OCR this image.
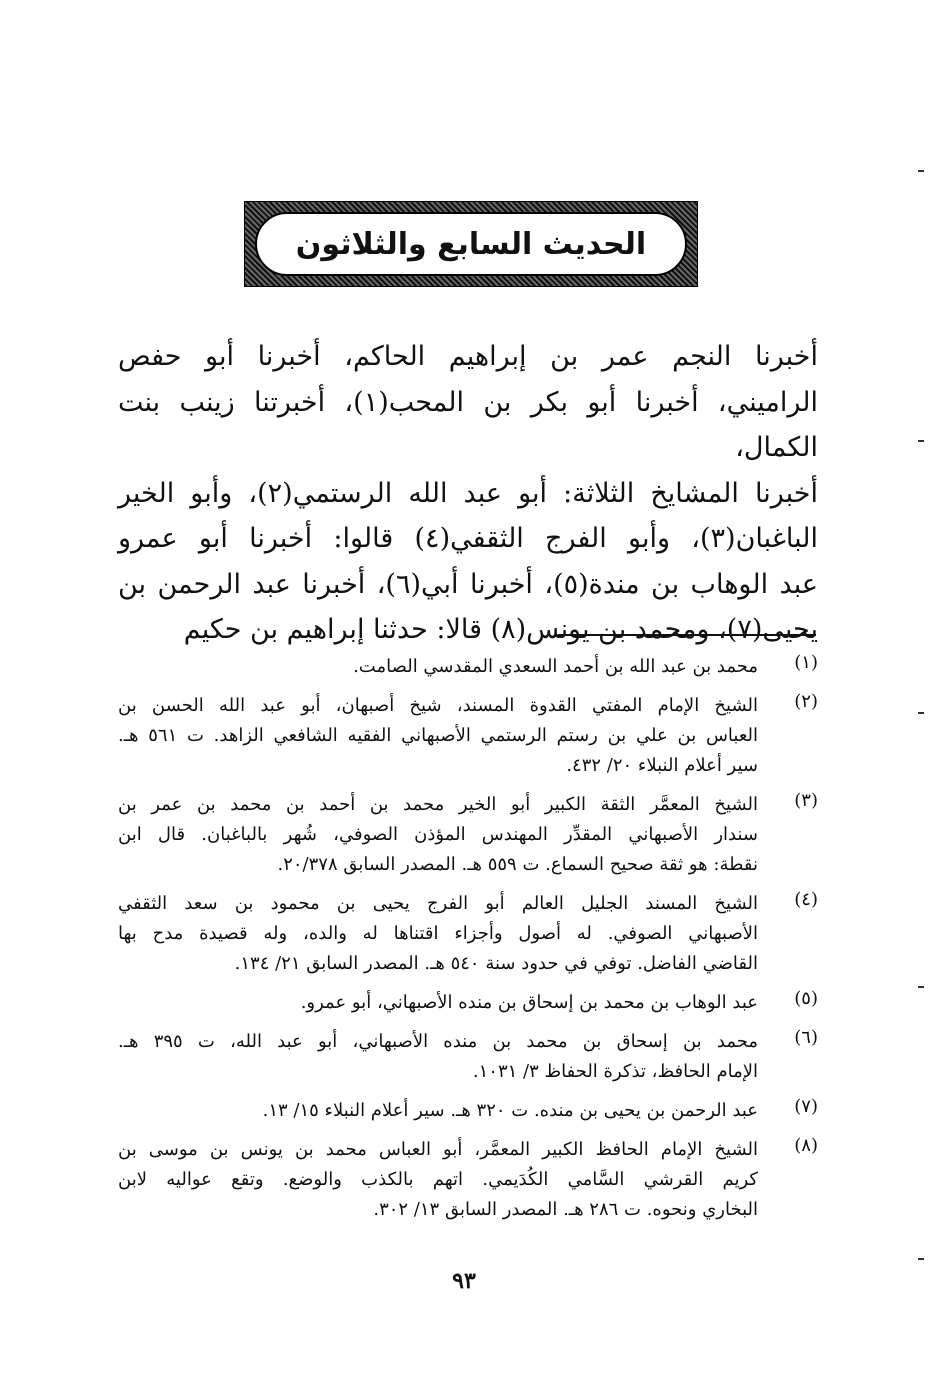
الحديث السابع والثلاثون

أخبرنا النجم عمر بن إبراهيم الحاكم، أخبرنا أبو حفص

الراميني، أخبرنا أبو بكر بن المحب(١)، أخبرتنا زينب بنت الكمال،

أخبرنا المشايخ الثلاثة: أبو عبد الله الرستمي(٢)، وأبو الخير

الباغبان(٣)، وأبو الفرج الثقفي(٤) قالوا: أخبرنا أبو عمرو

عبد الوهاب بن مندة(٥)، أخبرنا أبي(٦)، أخبرنا عبد الرحمن بن

يحيى(٧)، ومحمد بن يونس(٨) قالا: حدثنا إبراهيم بن حكيم

(١)
محمد بن عبد الله بن أحمد السعدي المقدسي الصامت.
(٢)
الشيخ الإمام المفتي القدوة المسند، شيخ أصبهان، أبو عبد الله الحسن بن
العباس بن علي بن رستم الرستمي الأصبهاني الفقيه الشافعي الزاهد. ت ٥٦١ هـ.
سير أعلام النبلاء ٢٠/ ٤٣٢.
(٣)
الشيخ المعمَّر الثقة الكبير أبو الخير محمد بن أحمد بن محمد بن عمر بن
سندار الأصبهاني المقدِّر المهندس المؤذن الصوفي، شُهر بالباغبان. قال ابن
نقطة: هو ثقة صحيح السماع. ت ٥٥٩ هـ. المصدر السابق ٢٠/٣٧٨.
(٤)
الشيخ المسند الجليل العالم أبو الفرج يحيى بن محمود بن سعد الثقفي
الأصبهاني الصوفي. له أصول وأجزاء اقتناها له والده، وله قصيدة مدح بها
القاضي الفاضل. توفي في حدود سنة ٥٤٠ هـ. المصدر السابق ٢١/ ١٣٤.
(٥)
عبد الوهاب بن محمد بن إسحاق بن منده الأصبهاني، أبو عمرو.
(٦)
محمد بن إسحاق بن محمد بن منده الأصبهاني، أبو عبد الله، ت ٣٩٥ هـ.
الإمام الحافظ، تذكرة الحفاظ ٣/ ١٠٣١.
(٧)
عبد الرحمن بن يحيى بن منده. ت ٣٢٠ هـ. سير أعلام النبلاء ١٥/ ١٣.
(٨)
الشيخ الإمام الحافظ الكبير المعمَّر، أبو العباس محمد بن يونس بن موسى بن
كريم القرشي السَّامي الكُدَيمي. اتهم بالكذب والوضع. وتقع عواليه لابن
البخاري ونحوه. ت ٢٨٦ هـ. المصدر السابق ١٣/ ٣٠٢.
٩٣
